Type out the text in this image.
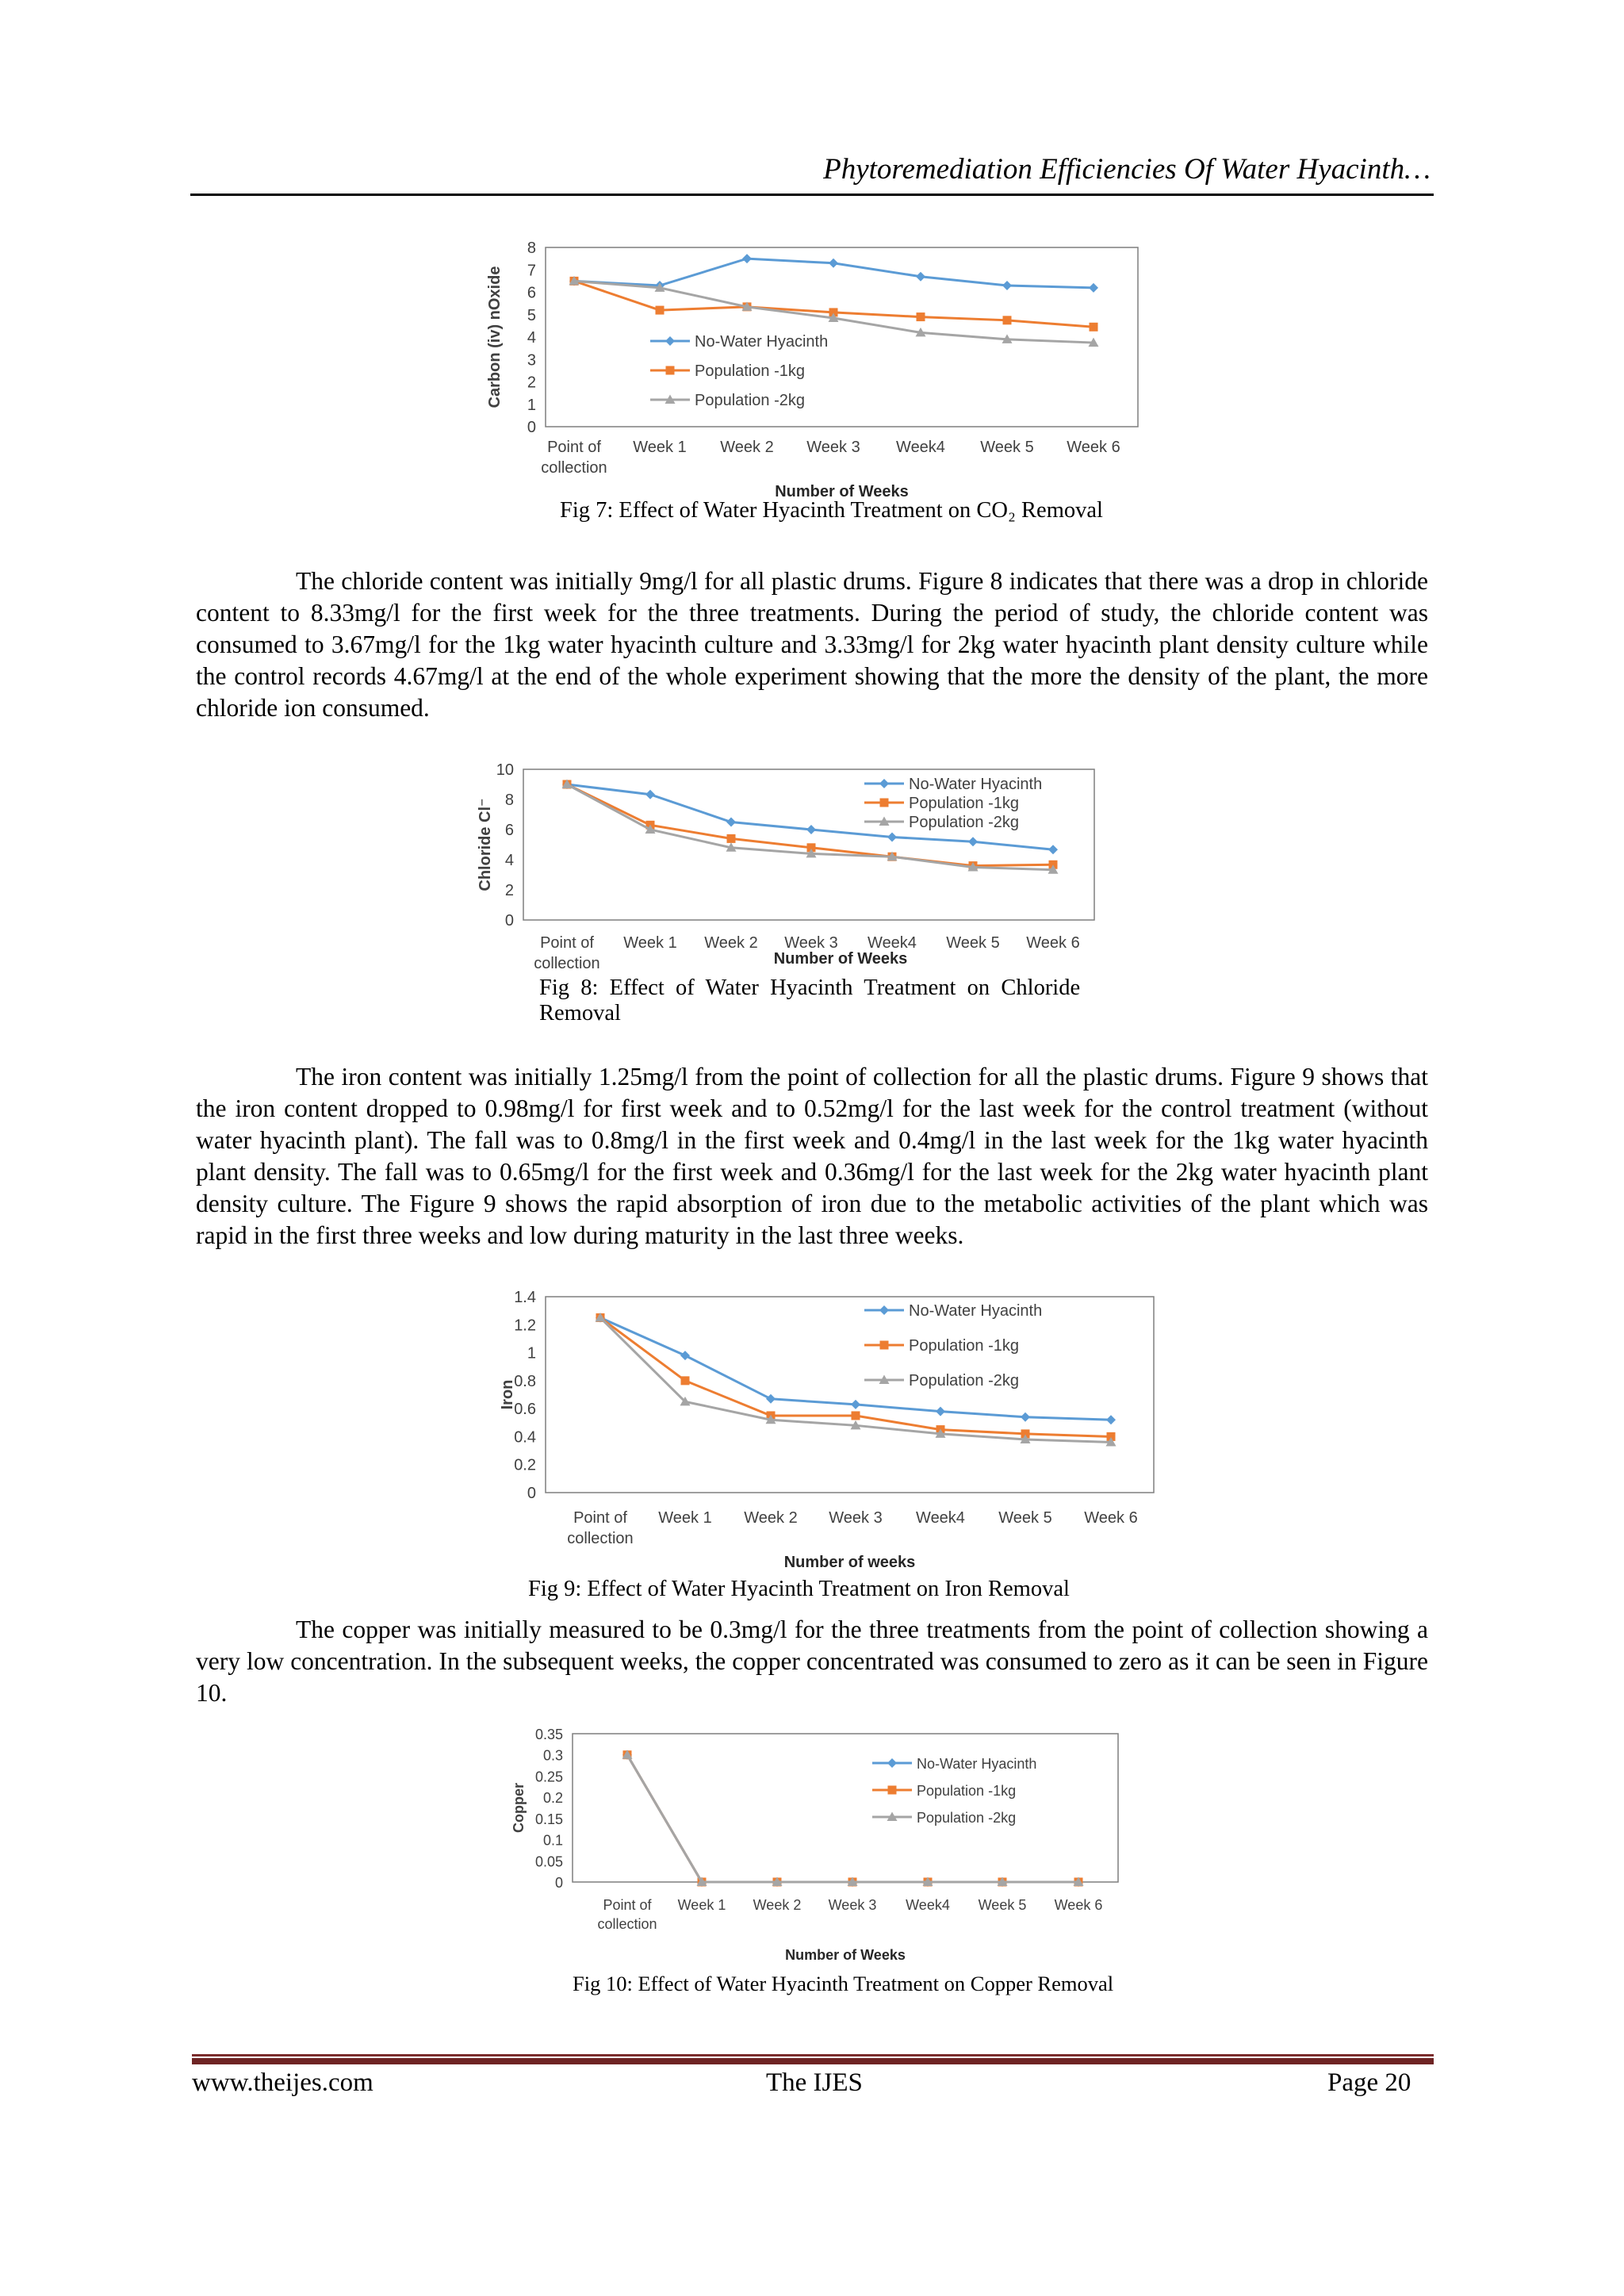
Phytoremediation Efficiencies Of Water Hyacinth…
0
1
2
3
4
5
6
7
8
Carbon (iv) nOxide
Point of
collection
Week 1 Week 2 Week 3 Week4 Week 5 Week 6
Number of Weeks
No-Water Hyacinth
Population -1kg
Population -2kg
Fig 7: Effect of Water Hyacinth Treatment on CO₂ Removal

The chloride content was initially 9mg/l for all plastic drums. Figure 8 indicates that there was a drop in chloride content to 8.33mg/l for the first week for the three treatments. During the period of study, the chloride content was consumed to 3.67mg/l for the 1kg water hyacinth culture and 3.33mg/l for 2kg water hyacinth plant density culture while the control records 4.67mg/l at the end of the whole experiment showing that the more the density of the plant, the more chloride ion consumed.

0
2
4
6
8
10
Chloride Cl⁻
Point of
collection
Week 1 Week 2 Week 3 Week4 Week 5 Week 6
Number of Weeks
No-Water Hyacinth
Population -1kg
Population -2kg
Fig  8:  Effect  of  Water  Hyacinth  Treatment  on  Chloride
Removal

The iron content was initially 1.25mg/l from the point of collection for all the plastic drums. Figure 9 shows that the iron content dropped to 0.98mg/l for first week and to 0.52mg/l for the last week for the control treatment (without water hyacinth plant). The fall was to 0.8mg/l in the first week and 0.4mg/l in the last week for the 1kg water hyacinth plant density. The fall was to 0.65mg/l for the first week and 0.36mg/l for the last week for the 2kg water hyacinth plant density culture. The Figure 9 shows the rapid absorption of iron due to the metabolic activities of the plant which was rapid in the first three weeks and low during maturity in the last three weeks.

0
0.2
0.4
0.6
0.8
1
1.2
1.4
Iron
Point of
collection
Week 1 Week 2 Week 3 Week4 Week 5 Week 6
Number of weeks
No-Water Hyacinth
Population -1kg
Population -2kg
Fig 9: Effect of Water Hyacinth Treatment on Iron Removal

The copper was initially measured to be 0.3mg/l for the three treatments from the point of collection showing a very low concentration. In the subsequent weeks, the copper concentrated was consumed to zero as it can be seen in Figure 10.

0
0.05
0.1
0.15
0.2
0.25
0.3
0.35
Copper
Point of
collection
Week 1 Week 2 Week 3 Week4 Week 5 Week 6
Number of Weeks
No-Water Hyacinth
Population -1kg
Population -2kg
Fig 10: Effect of Water Hyacinth Treatment on Copper Removal
www.theijes.com	The IJES	Page 20
